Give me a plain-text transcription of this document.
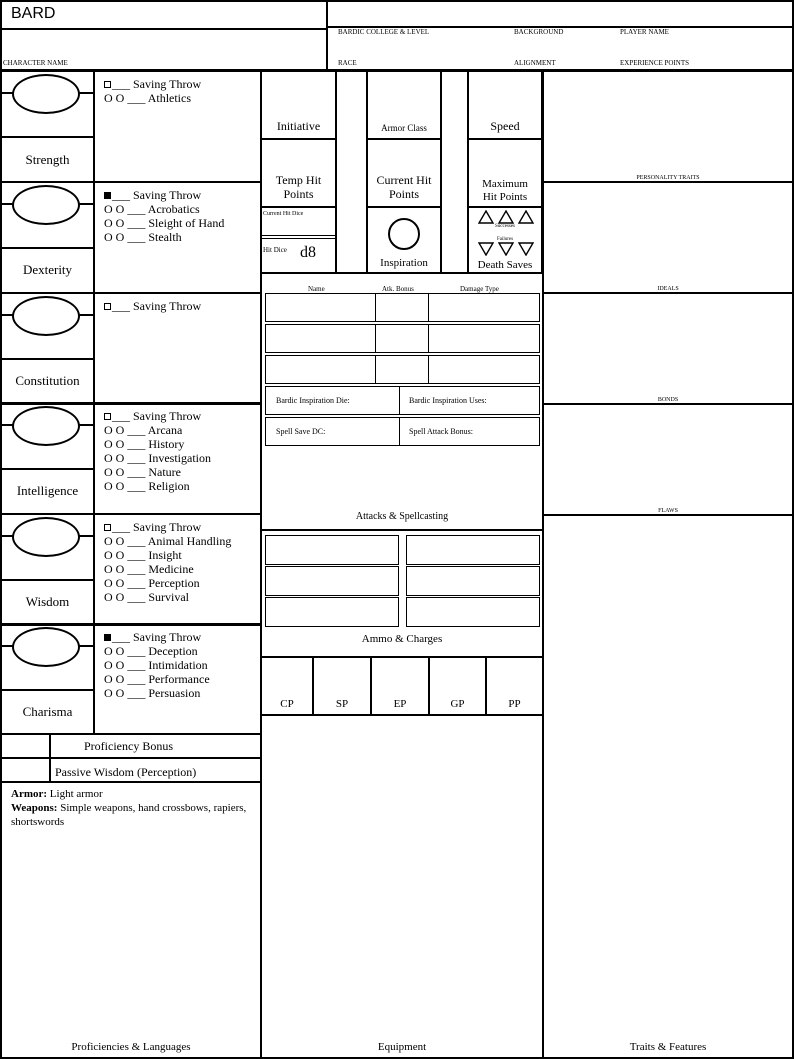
BARD
CHARACTER NAME
BARDIC COLLEGE & LEVEL	BACKGROUND	PLAYER NAME
RACE	ALIGNMENT	EXPERIENCE POINTS
Strength
___ Saving Throw
O O ___ Athletics
Dexterity
___ Saving Throw
O O ___ Acrobatics
O O ___ Sleight of Hand
O O ___ Stealth
Constitution
___ Saving Throw
Intelligence
___ Saving Throw
O O ___ Arcana
O O ___ History
O O ___ Investigation
O O ___ Nature
O O ___ Religion
Wisdom
___ Saving Throw
O O ___ Animal Handling
O O ___ Insight
O O ___ Medicine
O O ___ Perception
O O ___ Survival
Charisma
___ Saving Throw
O O ___ Deception
O O ___ Intimidation
O O ___ Performance
O O ___ Persuasion
Proficiency Bonus
Passive Wisdom (Perception)
Armor: Light armor
Weapons: Simple weapons, hand crossbows, rapiers, shortswords
Proficiencies & Languages
Initiative	Armor Class	Speed
Temp Hit Points
Current Hit Points
Maximum Hit Points
Current Hit Dice
Hit Dice d8
Inspiration
Successes
Failures
Death Saves
Name	Atk. Bonus	Damage Type
Bardic Inspiration Die:	Bardic Inspiration Uses:
Spell Save DC:	Spell Attack Bonus:
Attacks & Spellcasting
Ammo & Charges
CP	SP	EP	GP	PP
Equipment
PERSONALITY TRAITS
IDEALS
BONDS
FLAWS
Traits & Features
